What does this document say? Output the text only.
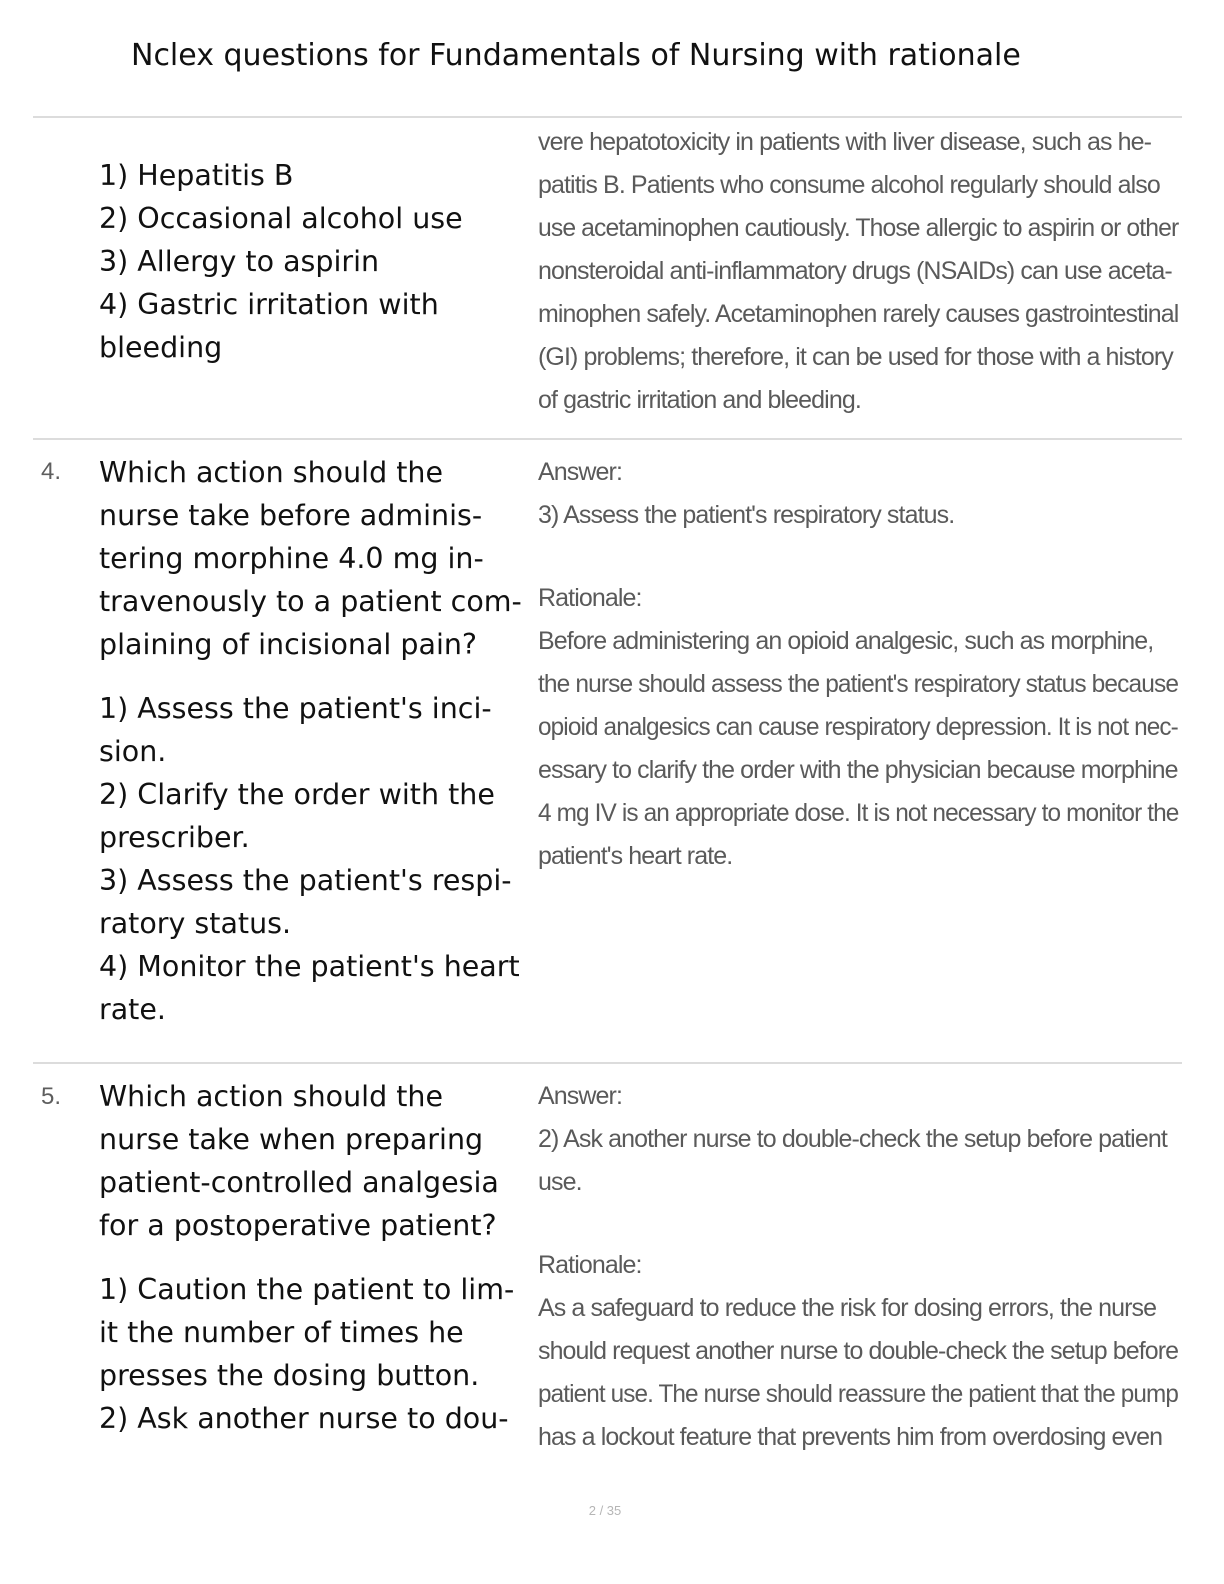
Nclex questions for Fundamentals of Nursing with rationale
1) Hepatitis B
2) Occasional alcohol use
3) Allergy to aspirin
4) Gastric irritation with
bleeding
vere hepatotoxicity in patients with liver disease, such as he-
patitis B. Patients who consume alcohol regularly should also
use acetaminophen cautiously. Those allergic to aspirin or other
nonsteroidal anti-inflammatory drugs (NSAIDs) can use aceta-
minophen safely. Acetaminophen rarely causes gastrointestinal
(GI) problems; therefore, it can be used for those with a history
of gastric irritation and bleeding.
4. Which action should the
nurse take before adminis-
tering morphine 4.0 mg in-
travenously to a patient com-
plaining of incisional pain?
1) Assess the patient's inci-
sion.
2) Clarify the order with the
prescriber.
3) Assess the patient's respi-
ratory status.
4) Monitor the patient's heart
rate.
Answer:
3) Assess the patient's respiratory status.
Rationale:
Before administering an opioid analgesic, such as morphine,
the nurse should assess the patient's respiratory status because
opioid analgesics can cause respiratory depression. It is not nec-
essary to clarify the order with the physician because morphine
4 mg IV is an appropriate dose. It is not necessary to monitor the
patient's heart rate.
5. Which action should the
nurse take when preparing
patient-controlled analgesia
for a postoperative patient?
1) Caution the patient to lim-
it the number of times he
presses the dosing button.
2) Ask another nurse to dou-
Answer:
2) Ask another nurse to double-check the setup before patient
use.
Rationale:
As a safeguard to reduce the risk for dosing errors, the nurse
should request another nurse to double-check the setup before
patient use. The nurse should reassure the patient that the pump
has a lockout feature that prevents him from overdosing even
2 / 35
